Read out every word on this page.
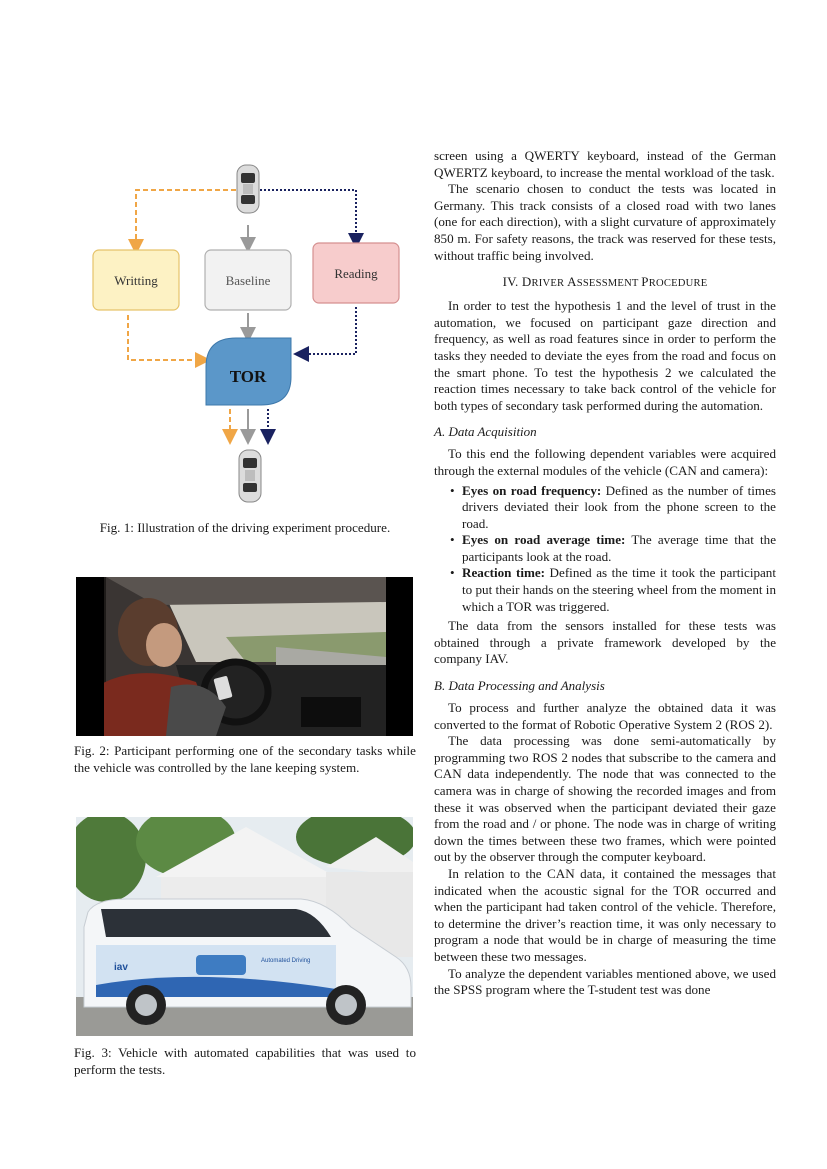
Writting	Baseline	Reading
TOR
Fig. 1: Illustration of the driving experiment procedure.
Fig. 2: Participant performing one of the secondary tasks while the vehicle was controlled by the lane keeping system.
iav
Automated Driving
Fig. 3: Vehicle with automated capabilities that was used to perform the tests.

screen using a QWERTY keyboard, instead of the German QWERTZ keyboard, to increase the mental workload of the task.

The scenario chosen to conduct the tests was located in Germany. This track consists of a closed road with two lanes (one for each direction), with a slight curvature of approximately 850 m. For safety reasons, the track was reserved for these tests, without traffic being involved.

IV. DRIVER ASSESSMENT PROCEDURE

In order to test the hypothesis 1 and the level of trust in the automation, we focused on participant gaze direction and frequency, as well as road features since in order to perform the tasks they needed to deviate the eyes from the road and focus on the smart phone. To test the hypothesis 2 we calculated the reaction times necessary to take back control of the vehicle for both types of secondary task performed during the automation.

A. Data Acquisition

To this end the following dependent variables were acquired through the external modules of the vehicle (CAN and camera):

• Eyes on road frequency: Defined as the number of times drivers deviated their look from the phone screen to the road.
• Eyes on road average time: The average time that the participants look at the road.
• Reaction time: Defined as the time it took the participant to put their hands on the steering wheel from the moment in which a TOR was triggered.

The data from the sensors installed for these tests was obtained through a private framework developed by the company IAV.

B. Data Processing and Analysis

To process and further analyze the obtained data it was converted to the format of Robotic Operative System 2 (ROS 2).

The data processing was done semi-automatically by programming two ROS 2 nodes that subscribe to the camera and CAN data independently. The node that was connected to the camera was in charge of showing the recorded images and from these it was observed when the participant deviated their gaze from the road and / or phone. The node was in charge of writing down the times between these two frames, which were pointed out by the observer through the computer keyboard.

In relation to the CAN data, it contained the messages that indicated when the acoustic signal for the TOR occurred and when the participant had taken control of the vehicle. Therefore, to determine the driver’s reaction time, it was only necessary to program a node that would be in charge of measuring the time between these two messages.

To analyze the dependent variables mentioned above, we used the SPSS program where the T-student test was done
